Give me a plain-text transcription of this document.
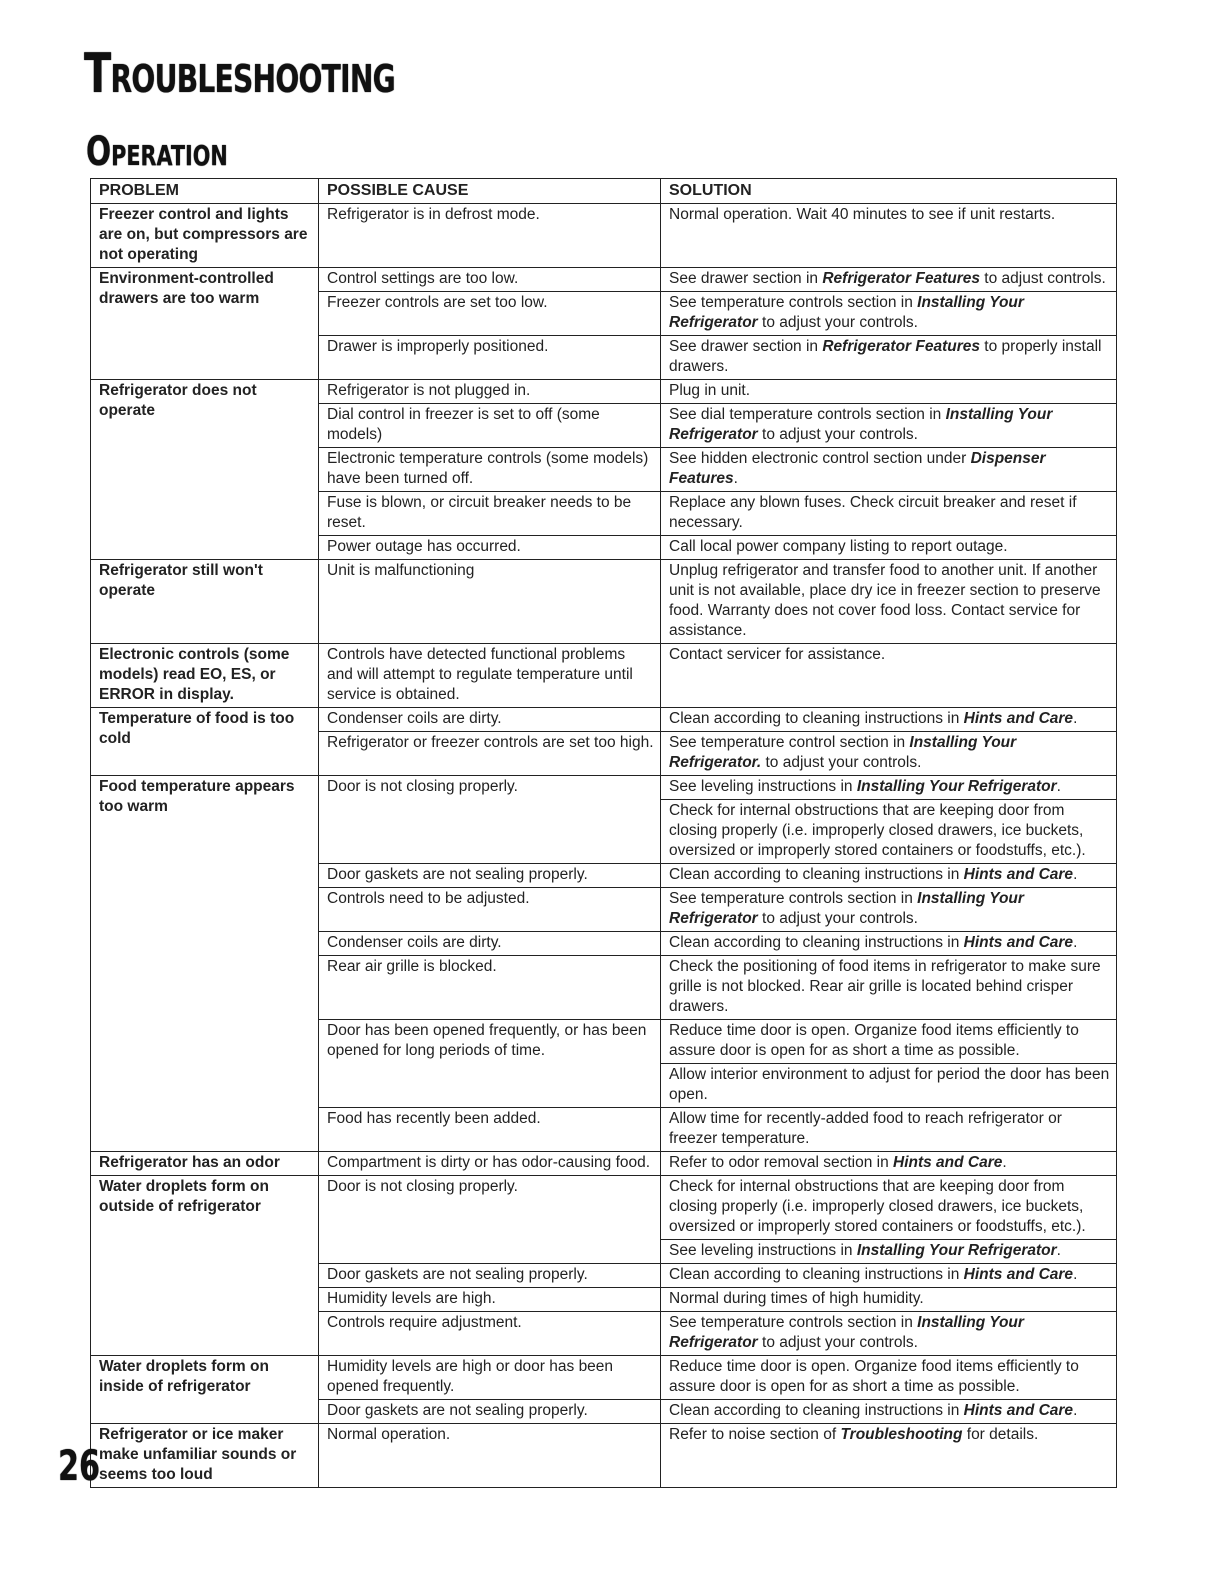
Troubleshooting
Operation
PROBLEM	POSSIBLE CAUSE	SOLUTION
Freezer control and lights are on, but compressors are not operating	Refrigerator is in defrost mode.	Normal operation. Wait 40 minutes to see if unit restarts.
Environment-controlled drawers are too warm	Control settings are too low.	See drawer section in Refrigerator Features to adjust controls.
	Freezer controls are set too low.	See temperature controls section in Installing Your Refrigerator to adjust your controls.
	Drawer is improperly positioned.	See drawer section in Refrigerator Features to properly install drawers.
Refrigerator does not operate	Refrigerator is not plugged in.	Plug in unit.
	Dial control in freezer is set to off (some models)	See dial temperature controls section in Installing Your Refrigerator to adjust your controls.
	Electronic temperature controls (some models) have been turned off.	See hidden electronic control section under Dispenser Features.
	Fuse is blown, or circuit breaker needs to be reset.	Replace any blown fuses. Check circuit breaker and reset if necessary.
	Power outage has occurred.	Call local power company listing to report outage.
Refrigerator still won't operate	Unit is malfunctioning	Unplug refrigerator and transfer food to another unit. If another unit is not available, place dry ice in freezer section to preserve food. Warranty does not cover food loss. Contact service for assistance.
Electronic controls (some models) read EO, ES, or ERROR in display.	Controls have detected functional problems and will attempt to regulate temperature until service is obtained.	Contact servicer for assistance.
Temperature of food is too cold	Condenser coils are dirty.	Clean according to cleaning instructions in Hints and Care.
	Refrigerator or freezer controls are set too high.	See temperature control section in Installing Your Refrigerator. to adjust your controls.
Food temperature appears too warm	Door is not closing properly.	See leveling instructions in Installing Your Refrigerator.
		Check for internal obstructions that are keeping door from closing properly (i.e. improperly closed drawers, ice buckets, oversized or improperly stored containers or foodstuffs, etc.).
	Door gaskets are not sealing properly.	Clean according to cleaning instructions in Hints and Care.
	Controls need to be adjusted.	See temperature controls section in Installing Your Refrigerator to adjust your controls.
	Condenser coils are dirty.	Clean according to cleaning instructions in Hints and Care.
	Rear air grille is blocked.	Check the positioning of food items in refrigerator to make sure grille is not blocked. Rear air grille is located behind crisper drawers.
	Door has been opened frequently, or has been opened for long periods of time.	Reduce time door is open. Organize food items efficiently to assure door is open for as short a time as possible.
		Allow interior environment to adjust for period the door has been open.
	Food has recently been added.	Allow time for recently-added food to reach refrigerator or freezer temperature.
Refrigerator has an odor	Compartment is dirty or has odor-causing food.	Refer to odor removal section in Hints and Care.
Water droplets form on outside of refrigerator	Door is not closing properly.	Check for internal obstructions that are keeping door from closing properly (i.e. improperly closed drawers, ice buckets, oversized or improperly stored containers or foodstuffs, etc.).
		See leveling instructions in Installing Your Refrigerator.
	Door gaskets are not sealing properly.	Clean according to cleaning instructions in Hints and Care.
	Humidity levels are high.	Normal during times of high humidity.
	Controls require adjustment.	See temperature controls section in Installing Your Refrigerator to adjust your controls.
Water droplets form on inside of refrigerator	Humidity levels are high or door has been opened frequently.	Reduce time door is open. Organize food items efficiently to assure door is open for as short a time as possible.
	Door gaskets are not sealing properly.	Clean according to cleaning instructions in Hints and Care.
Refrigerator or ice maker make unfamiliar sounds or seems too loud	Normal operation.	Refer to noise section of Troubleshooting for details.
26
